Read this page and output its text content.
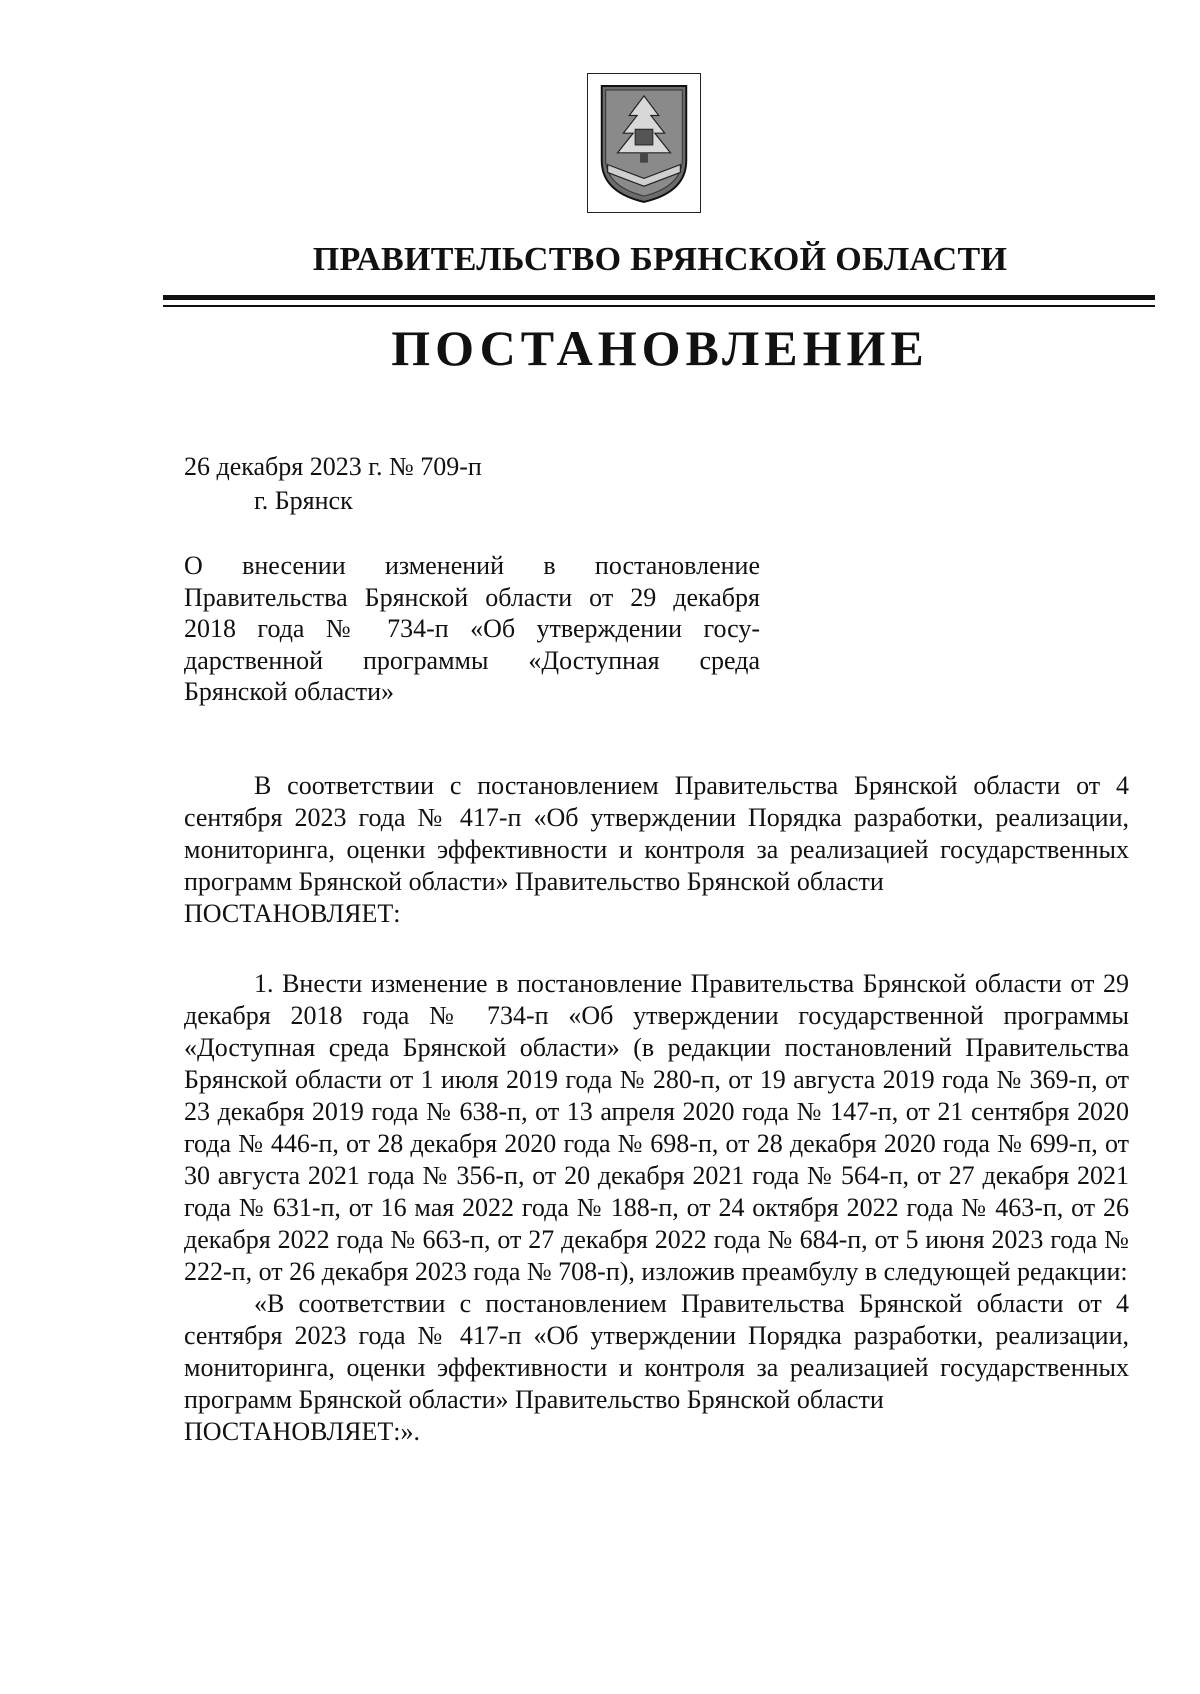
ПРАВИТЕЛЬСТВО БРЯНСКОЙ ОБЛАСТИ
ПОСТАНОВЛЕНИЕ
26 декабря 2023 г. № 709-п
г. Брянск
О внесении изменений в постановление Правительства Брянской области от 29 декабря 2018 года № 734-п «Об утверждении государственной программы «Доступная среда Брянской области»

В соответствии с постановлением Правительства Брянской области от 4 сентября 2023 года № 417-п «Об утверждении Порядка разработки, реализации, мониторинга, оценки эффективности и контроля за реализацией государственных программ Брянской области» Правительство Брянской области

ПОСТАНОВЛЯЕТ:

1. Внести изменение в постановление Правительства Брянской области от 29 декабря 2018 года № 734-п «Об утверждении государственной программы «Доступная среда Брянской области» (в редакции постановлений Правительства Брянской области от 1 июля 2019 года № 280-п, от 19 августа 2019 года № 369-п, от 23 декабря 2019 года № 638-п, от 13 апреля 2020 года № 147-п, от 21 сентября 2020 года № 446-п, от 28 декабря 2020 года № 698-п, от 28 декабря 2020 года № 699-п, от 30 августа 2021 года № 356-п, от 20 декабря 2021 года № 564-п, от 27 декабря 2021 года № 631-п, от 16 мая 2022 года № 188-п, от 24 октября 2022 года № 463-п, от 26 декабря 2022 года № 663-п, от 27 декабря 2022 года № 684-п, от 5 июня 2023 года № 222-п, от 26 декабря 2023 года № 708-п), изложив преамбулу в следующей редакции:

«В соответствии с постановлением Правительства Брянской области от 4 сентября 2023 года № 417-п «Об утверждении Порядка разработки, реализации, мониторинга, оценки эффективности и контроля за реализацией государственных программ Брянской области» Правительство Брянской области

ПОСТАНОВЛЯЕТ:».
